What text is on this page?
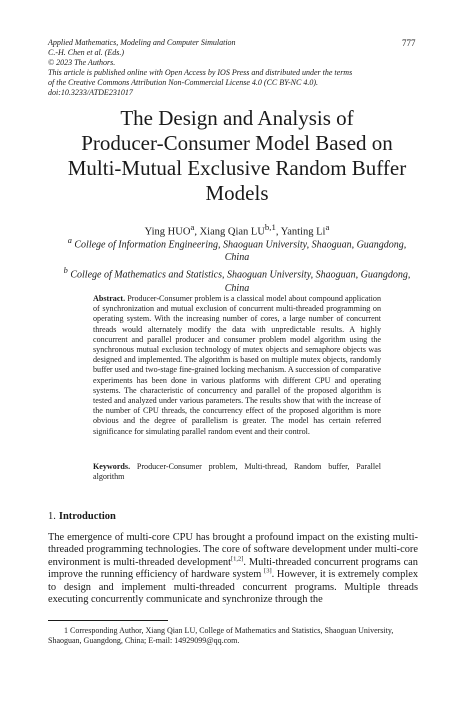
Applied Mathematics, Modeling and Computer Simulation
C.-H. Chen et al. (Eds.)
© 2023 The Authors.
This article is published online with Open Access by IOS Press and distributed under the terms
of the Creative Commons Attribution Non-Commercial License 4.0 (CC BY-NC 4.0).
doi:10.3233/ATDE231017
777
The Design and Analysis of
Producer-Consumer Model Based on
Multi-Mutual Exclusive Random Buffer
Models
Ying HUO$^a$, Xiang Qian LU$^{b,1}$, Yanting Li$^a$
$^a$ College of Information Engineering, Shaoguan University, Shaoguan, Guangdong,
China
$^b$ College of Mathematics and Statistics, Shaoguan University, Shaoguan, Guangdong,
China
Abstract. Producer-Consumer problem is a classical model about compound application of synchronization and mutual exclusion of concurrent multi-threaded programming on operating system. With the increasing number of cores, a large number of concurrent threads would alternately modify the data with unpredictable results. A highly concurrent and parallel producer and consumer problem model algorithm using the synchronous mutual exclusion technology of mutex objects and semaphore objects was designed and implemented. The algorithm is based on multiple mutex objects, randomly buffer used and two-stage fine-grained locking mechanism. A succession of comparative experiments has been done in various platforms with different CPU and operating systems. The characteristic of concurrency and parallel of the proposed algorithm is tested and analyzed under various parameters. The results show that with the increase of the number of CPU threads, the concurrency effect of the proposed algorithm is more obvious and the degree of parallelism is greater. The model has certain referred significance for simulating parallel random event and their control.
Keywords. Producer-Consumer problem, Multi-thread, Random buffer, Parallel algorithm
1. Introduction
The emergence of multi-core CPU has brought a profound impact on the existing multi-threaded programming technologies. The core of software development under multi-core environment is multi-threaded development[1,2]. Multi-threaded concurrent programs can improve the running efficiency of hardware system [3]. However, it is extremely complex to design and implement multi-threaded concurrent programs. Multiple threads executing concurrently communicate and synchronize through the
1 Corresponding Author, Xiang Qian LU, College of Mathematics and Statistics, Shaoguan University,
Shaoguan, Guangdong, China; E-mail: 14929099@qq.com.
